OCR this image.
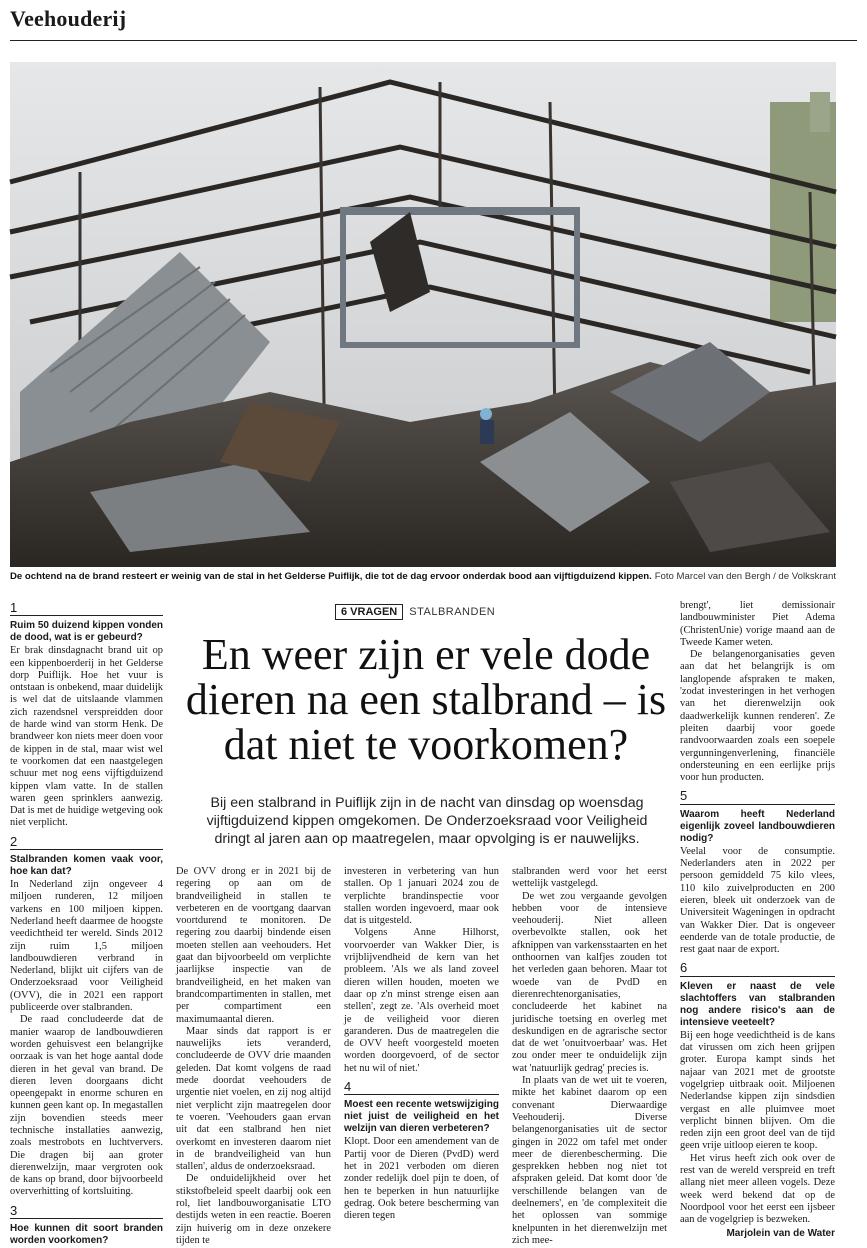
Veehouderij
De ochtend na de brand resteert er weinig van de stal in het Gelderse Puiflijk, die tot de dag ervoor onderdak bood aan vijftigduizend kippen. Foto Marcel van den Bergh / de Volkskrant
1
Ruim 50 duizend kippen vonden de dood, wat is er gebeurd?

Er brak dinsdagnacht brand uit op een kippenboerderij in het Gelderse dorp Puiflijk. Hoe het vuur is ontstaan is onbekend, maar duidelijk is wel dat de uitslaande vlammen zich razendsnel verspreidden door de harde wind van storm Henk. De brandweer kon niets meer doen voor de kippen in de stal, maar wist wel te voorkomen dat een naastgelegen schuur met nog eens vijftigduizend kippen vlam vatte. In de stallen waren geen sprinklers aanwezig. Dat is met de huidige wetgeving ook niet verplicht.

2
Stalbranden komen vaak voor, hoe kan dat?

In Nederland zijn ongeveer 4 miljoen runderen, 12 miljoen varkens en 100 miljoen kippen. Nederland heeft daarmee de hoogste veedichtheid ter wereld. Sinds 2012 zijn ruim 1,5 miljoen landbouwdieren verbrand in Nederland, blijkt uit cijfers van de Onderzoeksraad voor Veiligheid (OVV), die in 2021 een rapport publiceerde over stalbranden.

De raad concludeerde dat de manier waarop de landbouwdieren worden gehuisvest een belangrijke oorzaak is van het hoge aantal dode dieren in het geval van brand. De dieren leven doorgaans dicht opeengepakt in enorme schuren en kunnen geen kant op. In megastallen zijn bovendien steeds meer technische installaties aanwezig, zoals mestrobots en luchtververs. Die dragen bij aan groter dierenwelzijn, maar vergroten ook de kans op brand, door bijvoorbeeld oververhitting of kortsluiting.

3
Hoe kunnen dit soort branden worden voorkomen?
6 VRAGEN	STALBRANDEN
En weer zijn er vele dode dieren na een stalbrand – is dat niet te voorkomen?
Bij een stalbrand in Puiflijk zijn in de nacht van dinsdag op woensdag vijftigduizend kippen omgekomen. De Onderzoeksraad voor Veiligheid dringt al jaren aan op maatregelen, maar opvolging is er nauwelijks.

De OVV drong er in 2021 bij de regering op aan om de brandveiligheid in stallen te verbeteren en de voortgang daarvan voortdurend te monitoren. De regering zou daarbij bindende eisen moeten stellen aan veehouders. Het gaat dan bijvoorbeeld om verplichte jaarlijkse inspectie van de brandveiligheid, en het maken van brandcompartimenten in stallen, met per compartiment een maximumaantal dieren.

Maar sinds dat rapport is er nauwelijks iets veranderd, concludeerde de OVV drie maanden geleden. Dat komt volgens de raad mede doordat veehouders de urgentie niet voelen, en zij nog altijd niet verplicht zijn maatregelen door te voeren. 'Veehouders gaan ervan uit dat een stalbrand hen niet overkomt en investeren daarom niet in de brandveiligheid van hun stallen', aldus de onderzoeksraad.

De onduidelijkheid over het stikstofbeleid speelt daarbij ook een rol, liet landbouworganisatie LTO destijds weten in een reactie. Boeren zijn huiverig om in deze onzekere tijden te

investeren in verbetering van hun stallen. Op 1 januari 2024 zou de verplichte brandinspectie voor stallen worden ingevoerd, maar ook dat is uitgesteld.

Volgens Anne Hilhorst, voorvoerder van Wakker Dier, is vrijblijvendheid de kern van het probleem. 'Als we als land zoveel dieren willen houden, moeten we daar op z'n minst strenge eisen aan stellen', zegt ze. 'Als overheid moet je de veiligheid voor dieren garanderen. Dus de maatregelen die de OVV heeft voorgesteld moeten worden doorgevoerd, of de sector het nu wil of niet.'

4
Moest een recente wetswijziging niet juist de veiligheid en het welzijn van dieren verbeteren?

Klopt. Door een amendement van de Partij voor de Dieren (PvdD) werd het in 2021 verboden om dieren zonder redelijk doel pijn te doen, of hen te beperken in hun natuurlijke gedrag. Ook betere bescherming van dieren tegen

stalbranden werd voor het eerst wettelijk vastgelegd.

De wet zou vergaande gevolgen hebben voor de intensieve veehouderij. Niet alleen overbevolkte stallen, ook het afknippen van varkensstaarten en het onthoornen van kalfjes zouden tot het verleden gaan behoren. Maar tot woede van de PvdD en dierenrechtenorganisaties, concludeerde het kabinet na juridische toetsing en overleg met deskundigen en de agrarische sector dat de wet 'onuitvoerbaar' was. Het zou onder meer te onduidelijk zijn wat 'natuurlijk gedrag' precies is.

In plaats van de wet uit te voeren, mikte het kabinet daarom op een convenant Dierwaardige Veehouderij. Diverse belangenorganisaties uit de sector gingen in 2022 om tafel met onder meer de dierenbescherming. Die gesprekken hebben nog niet tot afspraken geleid. Dat komt door 'de verschillende belangen van de deelnemers', en 'de complexiteit die het oplossen van sommige knelpunten in het dierenwelzijn met zich mee-

brengt', liet demissionair landbouwminister Piet Adema (ChristenUnie) vorige maand aan de Tweede Kamer weten.

De belangenorganisaties geven aan dat het belangrijk is om langlopende afspraken te maken, 'zodat investeringen in het verhogen van het dierenwelzijn ook daadwerkelijk kunnen renderen'. Ze pleiten daarbij voor goede randvoorwaarden zoals een soepele vergunningenverlening, financiële ondersteuning en een eerlijke prijs voor hun producten.

5
Waarom heeft Nederland eigenlijk zoveel landbouwdieren nodig?

Veelal voor de consumptie. Nederlanders aten in 2022 per persoon gemiddeld 75 kilo vlees, 110 kilo zuivelproducten en 200 eieren, bleek uit onderzoek van de Universiteit Wageningen in opdracht van Wakker Dier. Dat is ongeveer eenderde van de totale productie, de rest gaat naar de export.

6
Kleven er naast de vele slachtoffers van stalbranden nog andere risico's aan de intensieve veeteelt?

Bij een hoge veedichtheid is de kans dat virussen om zich heen grijpen groter. Europa kampt sinds het najaar van 2021 met de grootste vogelgriep uitbraak ooit. Miljoenen Nederlandse kippen zijn sindsdien vergast en alle pluimvee moet verplicht binnen blijven. Om die reden zijn een groot deel van de tijd geen vrije uitloop eieren te koop.

Het virus heeft zich ook over de rest van de wereld verspreid en treft allang niet meer alleen vogels. Deze week werd bekend dat op de Noordpool voor het eerst een ijsbeer aan de vogelgriep is bezweken.

Marjolein van de Water
